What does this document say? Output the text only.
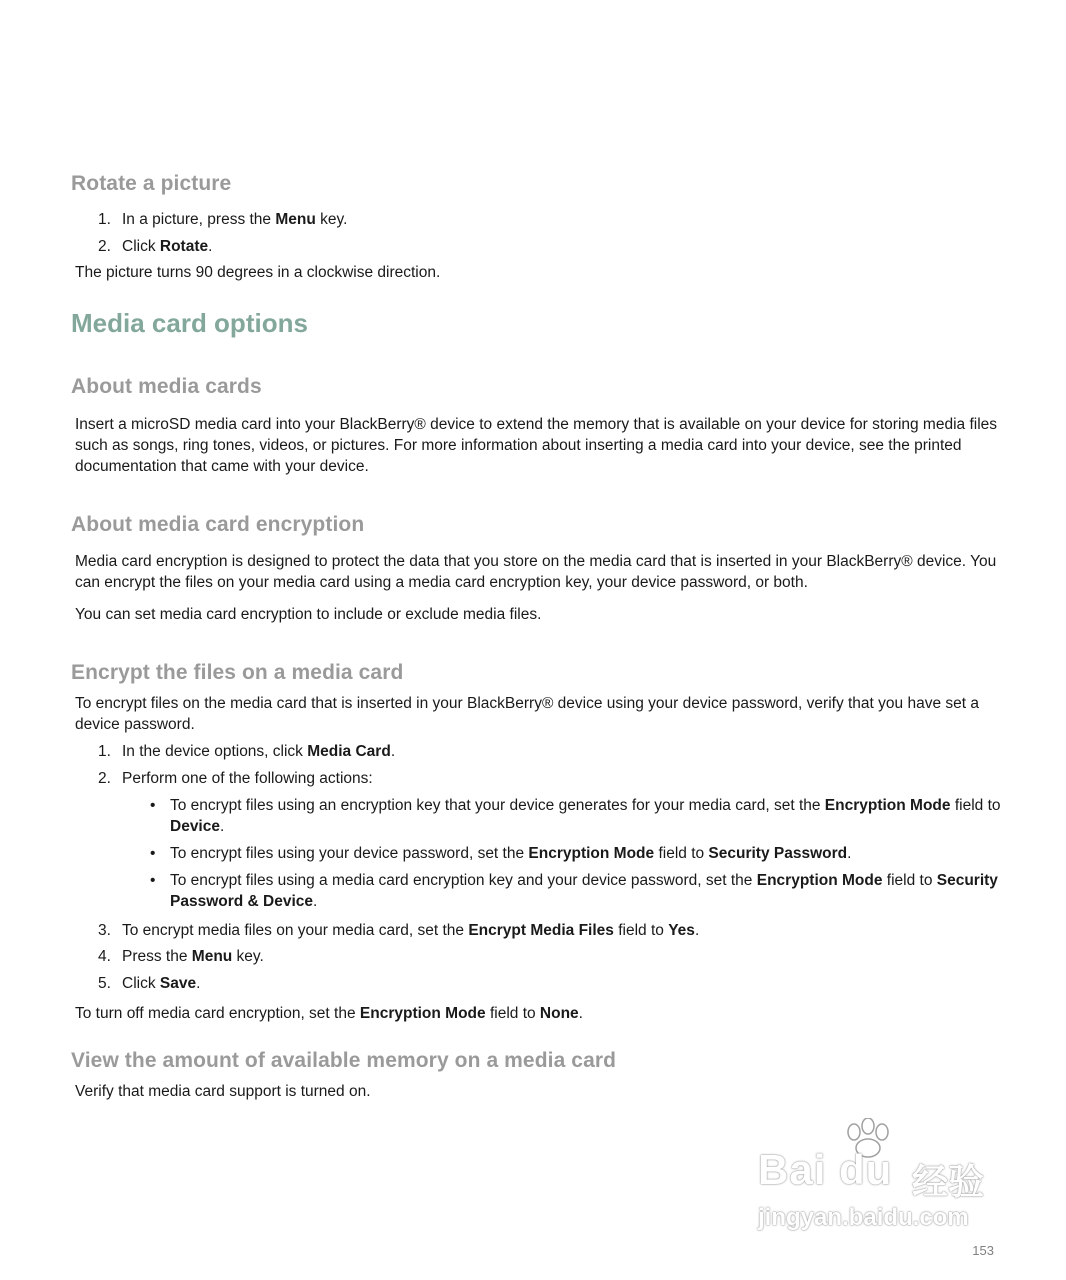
Rotate a picture
1. In a picture, press the Menu key.
2. Click Rotate.

The picture turns 90 degrees in a clockwise direction.

Media card options
About media cards

Insert a microSD media card into your BlackBerry® device to extend the memory that is available on your device for storing media files such as songs, ring tones, videos, or pictures. For more information about inserting a media card into your device, see the printed documentation that came with your device.

About media card encryption

Media card encryption is designed to protect the data that you store on the media card that is inserted in your BlackBerry® device. You can encrypt the files on your media card using a media card encryption key, your device password, or both.

You can set media card encryption to include or exclude media files.

Encrypt the files on a media card

To encrypt files on the media card that is inserted in your BlackBerry® device using your device password, verify that you have set a device password.

1. In the device options, click Media Card.
2. Perform one of the following actions:
• To encrypt files using an encryption key that your device generates for your media card, set the Encryption Mode field to Device.
• To encrypt files using your device password, set the Encryption Mode field to Security Password.
• To encrypt files using a media card encryption key and your device password, set the Encryption Mode field to Security Password & Device.
3. To encrypt media files on your media card, set the Encrypt Media Files field to Yes.
4. Press the Menu key.
5. Click Save.

To turn off media card encryption, set the Encryption Mode field to None.

View the amount of available memory on a media card

Verify that media card support is turned on.

Bai du 经验
jingyan.baidu.com
153
